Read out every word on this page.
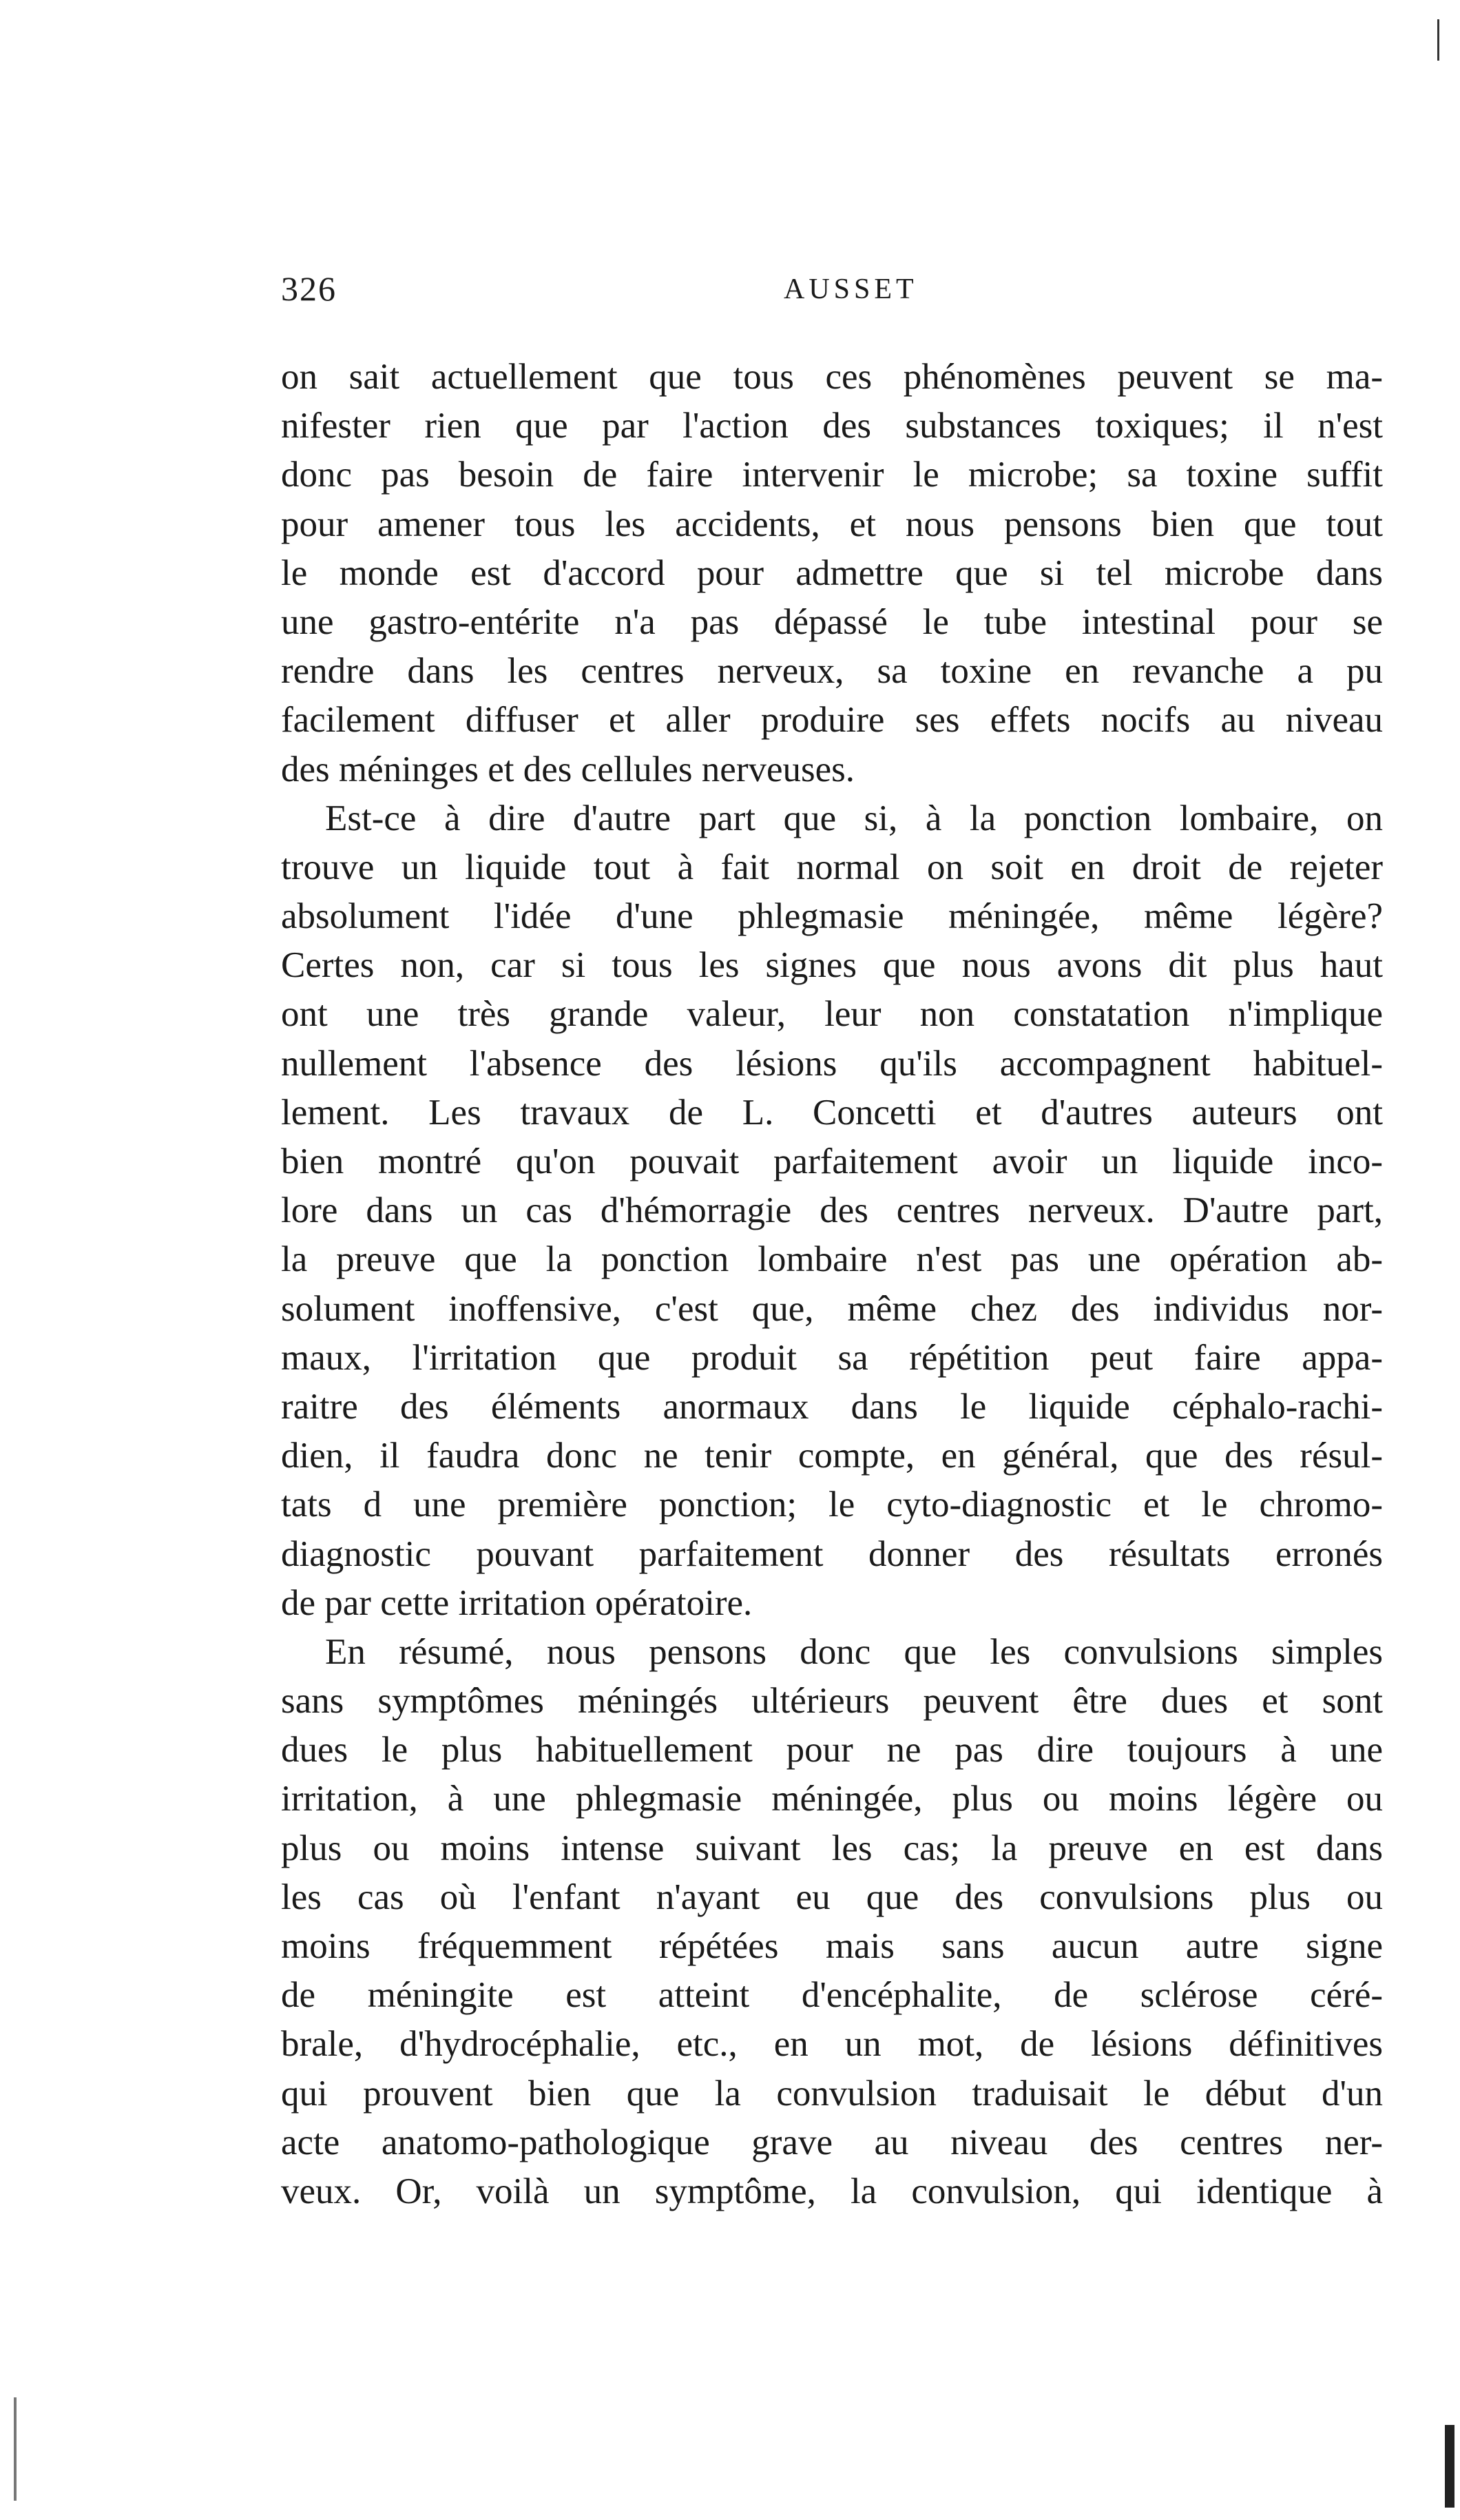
326	AUSSET
on sait actuellement que tous ces phénomènes peuvent se ma-
nifester rien que par l'action des substances toxiques; il n'est
donc pas besoin de faire intervenir le microbe; sa toxine suffit
pour amener tous les accidents, et nous pensons bien que tout
le monde est d'accord pour admettre que si tel microbe dans
une gastro-entérite n'a pas dépassé le tube intestinal pour se
rendre dans les centres nerveux, sa toxine en revanche a pu
facilement diffuser et aller produire ses effets nocifs au niveau
des méninges et des cellules nerveuses.
Est-ce à dire d'autre part que si, à la ponction lombaire, on
trouve un liquide tout à fait normal on soit en droit de rejeter
absolument l'idée d'une phlegmasie méningée, même légère?
Certes non, car si tous les signes que nous avons dit plus haut
ont une très grande valeur, leur non constatation n'implique
nullement l'absence des lésions qu'ils accompagnent habituel-
lement. Les travaux de L. Concetti et d'autres auteurs ont
bien montré qu'on pouvait parfaitement avoir un liquide inco-
lore dans un cas d'hémorragie des centres nerveux. D'autre part,
la preuve que la ponction lombaire n'est pas une opération ab-
solument inoffensive, c'est que, même chez des individus nor-
maux, l'irritation que produit sa répétition peut faire appa-
raitre des éléments anormaux dans le liquide céphalo-rachi-
dien, il faudra donc ne tenir compte, en général, que des résul-
tats d une première ponction; le cyto-diagnostic et le chromo-
diagnostic pouvant parfaitement donner des résultats erronés
de par cette irritation opératoire.
En résumé, nous pensons donc que les convulsions simples
sans symptômes méningés ultérieurs peuvent être dues et sont
dues le plus habituellement pour ne pas dire toujours à une
irritation, à une phlegmasie méningée, plus ou moins légère ou
plus ou moins intense suivant les cas; la preuve en est dans
les cas où l'enfant n'ayant eu que des convulsions plus ou
moins fréquemment répétées mais sans aucun autre signe
de méningite est atteint d'encéphalite, de sclérose céré-
brale, d'hydrocéphalie, etc., en un mot, de lésions définitives
qui prouvent bien que la convulsion traduisait le début d'un
acte anatomo-pathologique grave au niveau des centres ner-
veux. Or, voilà un symptôme, la convulsion, qui identique à
